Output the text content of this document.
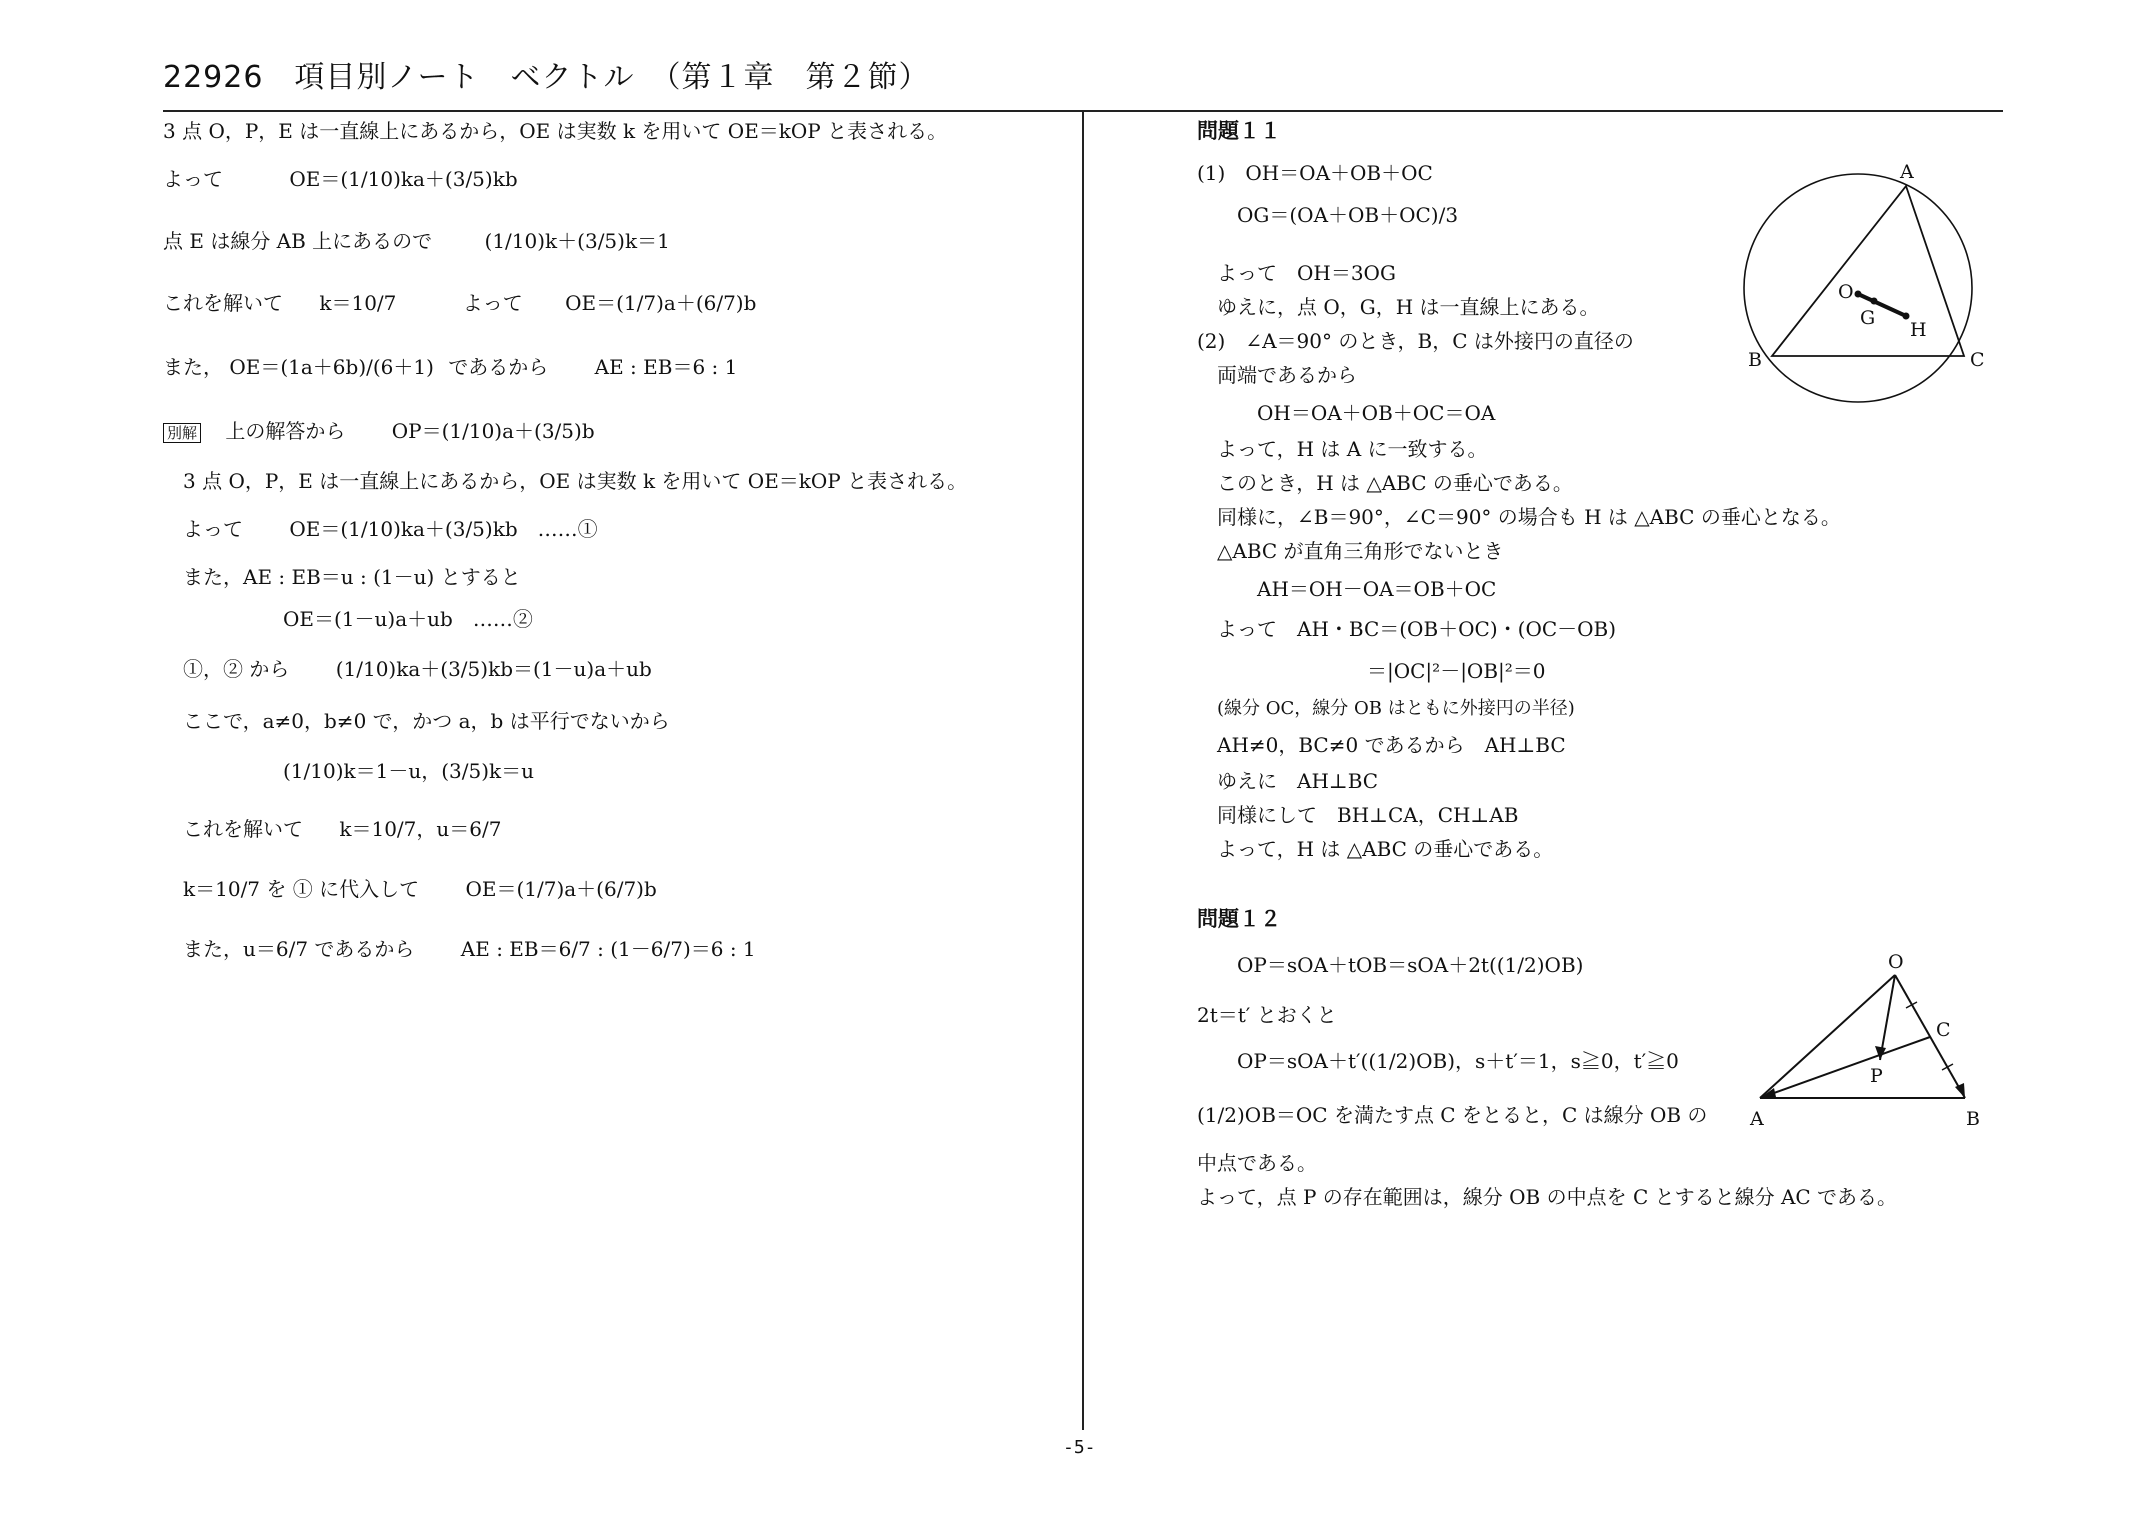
22926　項目別ノート　ベクトル　（第１章　第２節）
3 点 O，P，E は一直線上にあるから，OE は実数 k を用いて OE＝kOP と表される。
よって	OE＝(1/10)ka＋(3/5)kb
点 E は線分 AB 上にあるので	(1/10)k＋(3/5)k＝1
これを解いて k＝10/7	よって OE＝(1/7)a＋(6/7)b
また， OE＝(1a＋6b)/(6＋1) であるから AE : EB＝6 : 1
別解 上の解答から OP＝(1/10)a＋(3/5)b
3 点 O，P，E は一直線上にあるから，OE は実数 k を用いて OE＝kOP と表される。
よって OE＝(1/10)ka＋(3/5)kb　……①
また，AE : EB＝u : (1－u) とすると
OE＝(1－u)a＋ub　……②
①，② から (1/10)ka＋(3/5)kb＝(1－u)a＋ub
ここで，a≠0，b≠0 で，かつ a，b は平行でないから
(1/10)k＝1－u，(3/5)k＝u
これを解いて k＝10/7，u＝6/7
k＝10/7 を ① に代入して OE＝(1/7)a＋(6/7)b
また，u＝6/7 であるから AE : EB＝6/7 : (1－6/7)＝6 : 1
問題１１
(1)　OH＝OA＋OB＋OC
OG＝(OA＋OB＋OC)/3
よって　OH＝3OG
ゆえに，点 O，G，H は一直線上にある。
(2)　∠A＝90° のとき，B，C は外接円の直径の
両端であるから
OH＝OA＋OB＋OC＝OA
よって，H は A に一致する。
このとき，H は △ABC の垂心である。
同様に，∠B＝90°，∠C＝90° の場合も H は △ABC の垂心となる。
△ABC が直角三角形でないとき
AH＝OH－OA＝OB＋OC
よって　AH・BC＝(OB＋OC)・(OC－OB)
＝|OC|²－|OB|²＝0
(線分 OC，線分 OB はともに外接円の半径)
AH≠0，BC≠0 であるから　AH⊥BC
ゆえに　AH⊥BC
同様にして　BH⊥CA，CH⊥AB
よって，H は △ABC の垂心である。
問題１２
OP＝sOA＋tOB＝sOA＋2t((1/2)OB)
2t＝t′ とおくと
OP＝sOA＋t′((1/2)OB)，s＋t′＝1，s≧0，t′≧0
(1/2)OB＝OC を満たす点 C をとると，C は線分 OB の
中点である。
よって，点 P の存在範囲は，線分 OB の中点を C とすると線分 AC である。
A
B	C
O
G
H
O
A	B
C
P
-5-
